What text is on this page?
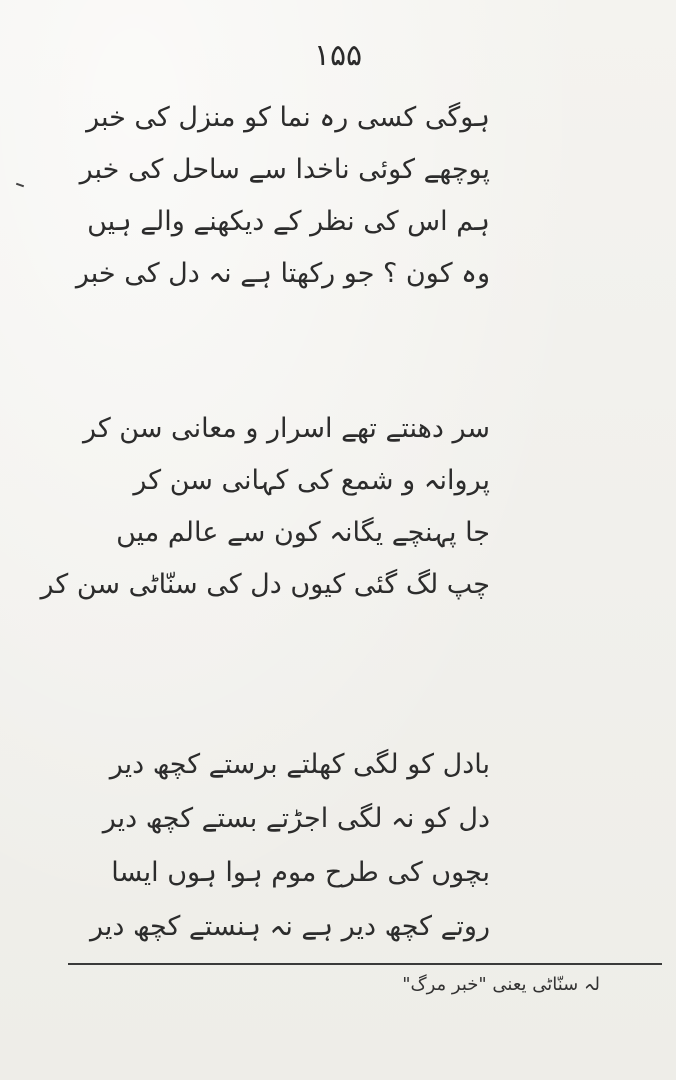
۱۵۵
ہوگی کسی رہ نما کو منزل کی خبر
پوچھے کوئی ناخدا سے ساحل کی خبر
ہم اس کی نظر کے دیکھنے والے ہیں
وہ کون ؟ جو رکھتا ہے نہ دل کی خبر
سر دھنتے تھے اسرار و معانی سن کر
پروانہ و شمع کی کہانی سن کر
جا پہنچے یگانہ کون سے عالم میں
چپ لگ گئی کیوں دل کی سنّاٹی سن کر
بادل کو لگی کھلتے برستے کچھ دیر
دل کو نہ لگی اجڑتے بستے کچھ دیر
بچوں کی طرح موم ہوا ہوں ایسا
روتے کچھ دیر ہے نہ ہنستے کچھ دیر
ل‍ہ سنّاٹی یعنی "خبر مرگ"
